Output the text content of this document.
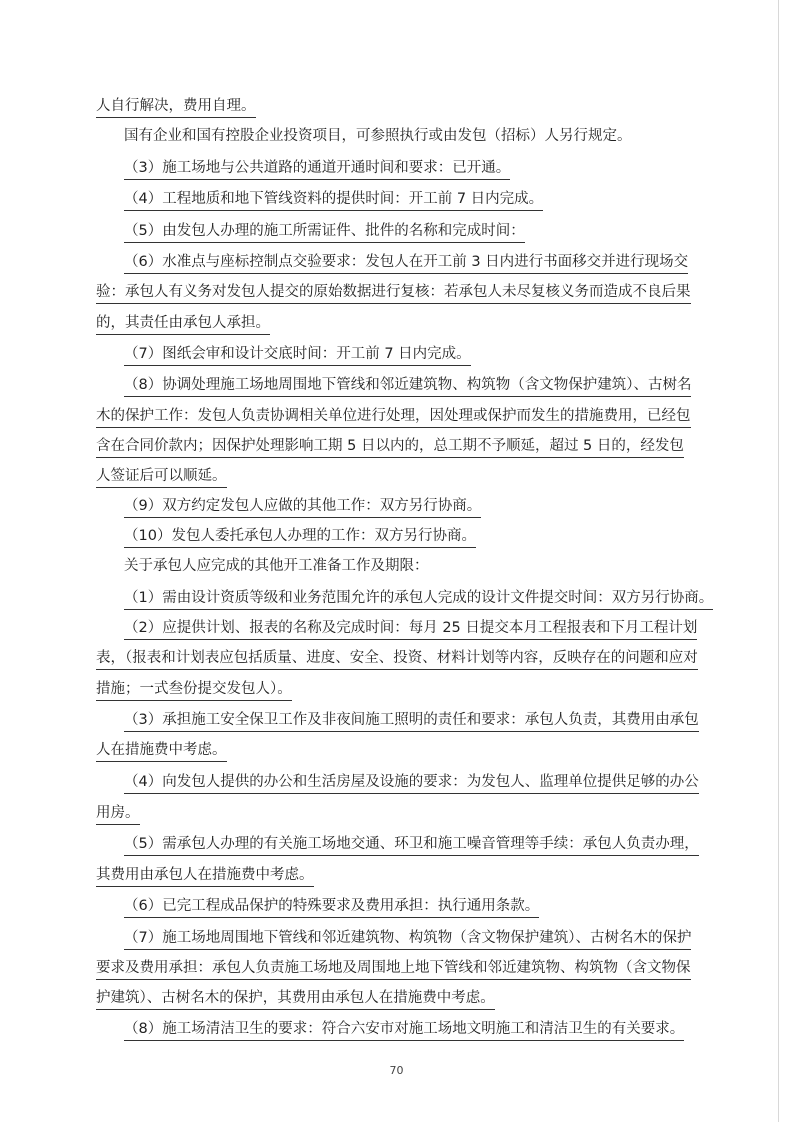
人自行解决，费用自理。
国有企业和国有控股企业投资项目，可参照执行或由发包（招标）人另行规定。
（3）施工场地与公共道路的通道开通时间和要求：已开通。
（4）工程地质和地下管线资料的提供时间：开工前 7 日内完成。
（5）由发包人办理的施工所需证件、批件的名称和完成时间：
（6）水准点与座标控制点交验要求：发包人在开工前 3 日内进行书面移交并进行现场交
验：承包人有义务对发包人提交的原始数据进行复核：若承包人未尽复核义务而造成不良后果
的，其责任由承包人承担。
（7）图纸会审和设计交底时间：开工前 7 日内完成。
（8）协调处理施工场地周围地下管线和邻近建筑物、构筑物（含文物保护建筑）、古树名
木的保护工作：发包人负责协调相关单位进行处理，因处理或保护而发生的措施费用，已经包
含在合同价款内；因保护处理影响工期 5 日以内的，总工期不予顺延，超过 5 日的，经发包
人签证后可以顺延。
（9）双方约定发包人应做的其他工作：双方另行协商。
（10）发包人委托承包人办理的工作：双方另行协商。
关于承包人应完成的其他开工准备工作及期限：
（1）需由设计资质等级和业务范围允许的承包人完成的设计文件提交时间：双方另行协商。
（2）应提供计划、报表的名称及完成时间：每月 25 日提交本月工程报表和下月工程计划
表，（报表和计划表应包括质量、进度、安全、投资、材料计划等内容，反映存在的问题和应对
措施；一式叁份提交发包人）。
（3）承担施工安全保卫工作及非夜间施工照明的责任和要求：承包人负责，其费用由承包
人在措施费中考虑。
（4）向发包人提供的办公和生活房屋及设施的要求：为发包人、监理单位提供足够的办公
用房。
（5）需承包人办理的有关施工场地交通、环卫和施工噪音管理等手续：承包人负责办理，
其费用由承包人在措施费中考虑。
（6）已完工程成品保护的特殊要求及费用承担：执行通用条款。
（7）施工场地周围地下管线和邻近建筑物、构筑物（含文物保护建筑）、古树名木的保护
要求及费用承担：承包人负责施工场地及周围地上地下管线和邻近建筑物、构筑物（含文物保
护建筑）、古树名木的保护，其费用由承包人在措施费中考虑。
（8）施工场清洁卫生的要求：符合六安市对施工场地文明施工和清洁卫生的有关要求。
70
